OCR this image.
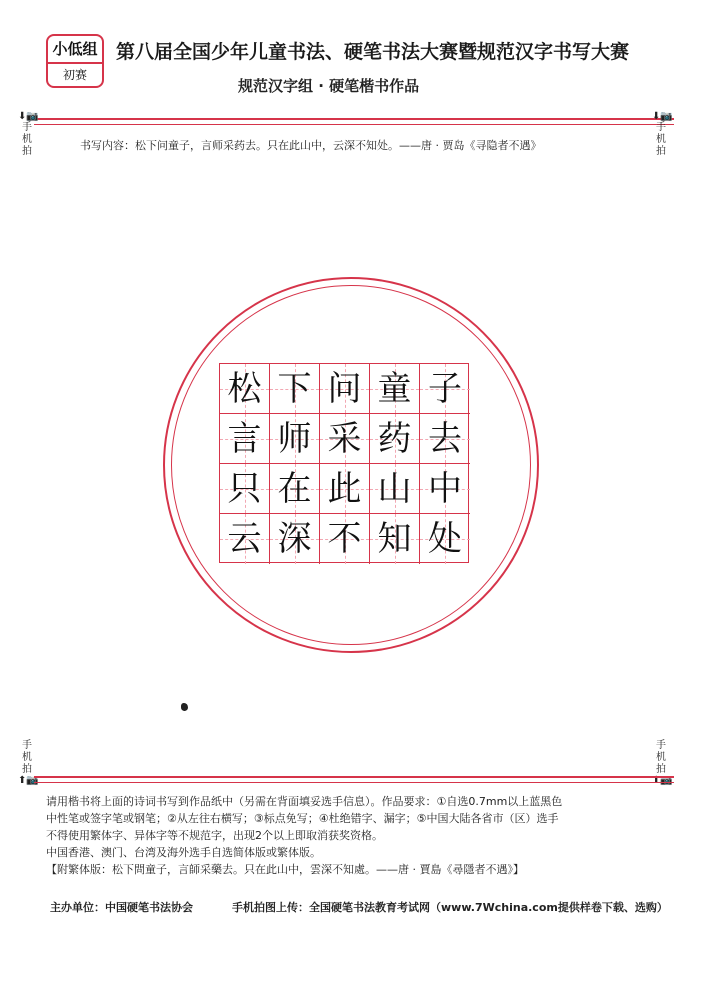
小低组
初赛
第八届全国少年儿童书法、硬笔书法大赛暨规范汉字书写大赛
规范汉字组 · 硬笔楷书作品
⬇📷
手
机
拍
⬇📷
手
机
拍
书写内容：松下问童子，言师采药去。只在此山中，云深不知处。——唐 · 贾岛《寻隐者不遇》
松 下 问 童 子
言 师 采 药 去
只 在 此 山 中
云 深 不 知 处
手
机
拍
⬆📷
手
机
拍
⬆📷

请用楷书将上面的诗词书写到作品纸中（另需在背面填妥选手信息）。作品要求：①自选0.7mm以上蓝黑色

中性笔或签字笔或钢笔；②从左往右横写；③标点免写；④杜绝错字、漏字；⑤中国大陆各省市（区）选手

不得使用繁体字、异体字等不规范字，出现2个以上即取消获奖资格。

中国香港、澳门、台湾及海外选手自选简体版或繁体版。

【附繁体版：松下問童子，言師采藥去。只在此山中，雲深不知處。——唐 · 賈島《尋隱者不遇》】

主办单位：中国硬笔书法协会	手机拍图上传：全国硬笔书法教育考试网（www.7Wchina.com提供样卷下载、选购）
